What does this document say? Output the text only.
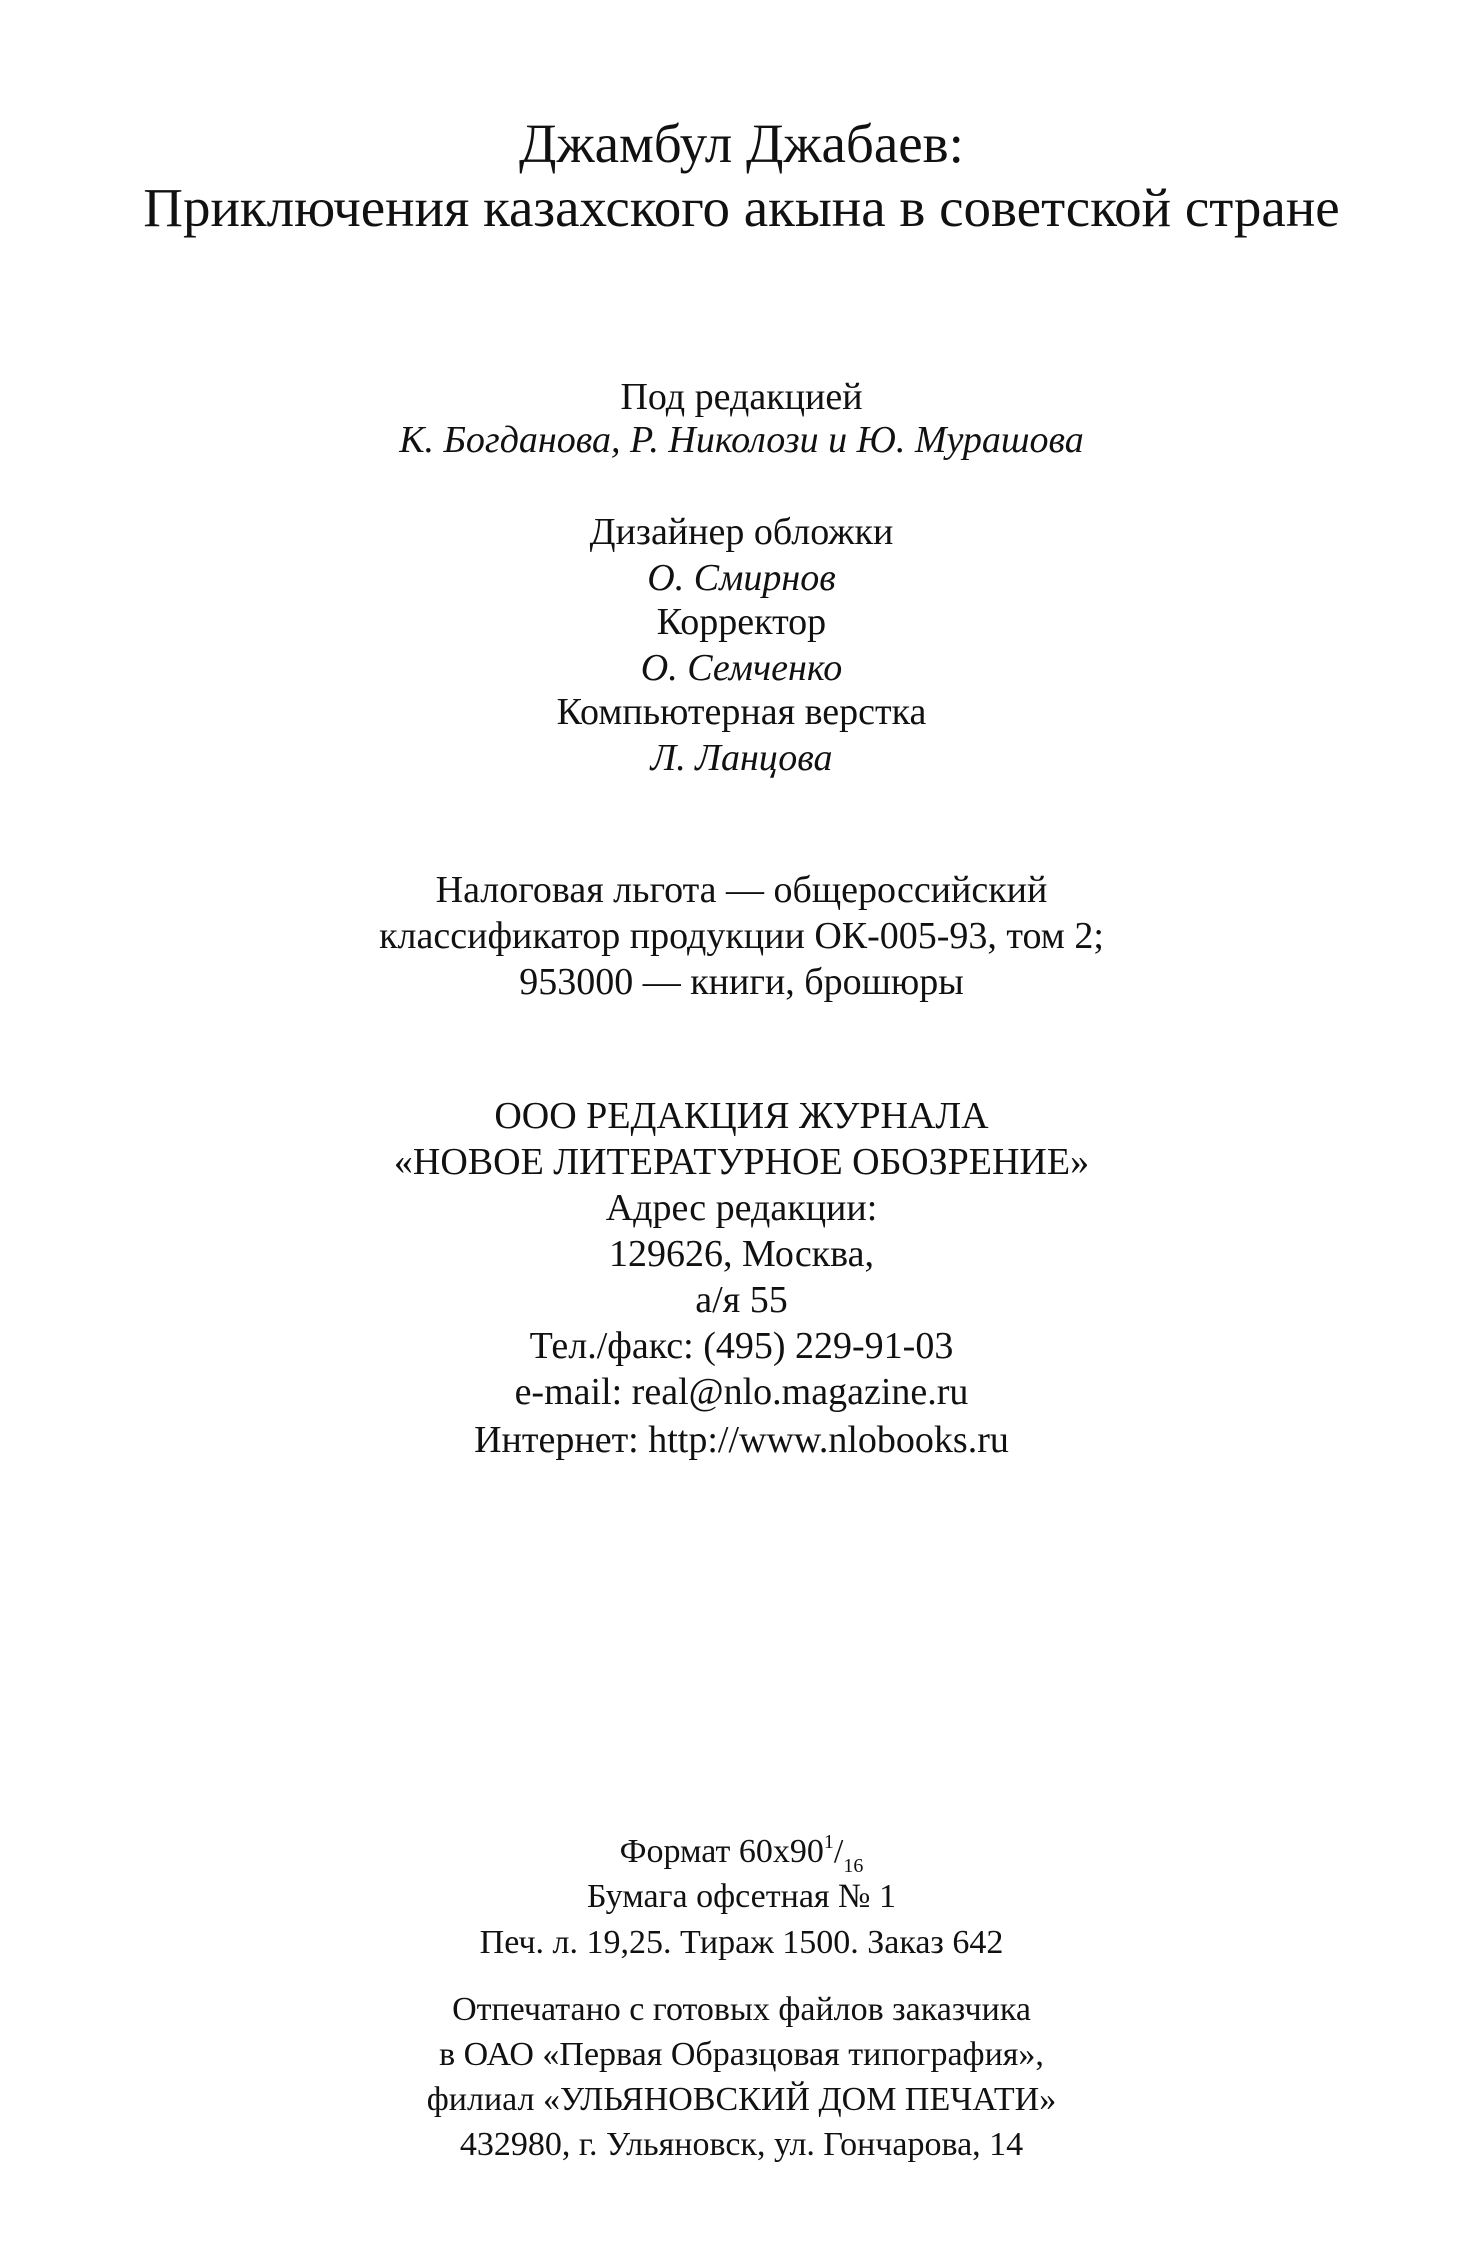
Джамбул Джабаев:
Приключения казахского акына в советской стране
Под редакцией
К. Богданова, Р. Николози и Ю. Мурашова
Дизайнер обложки
О. Смирнов
Корректор
О. Семченко
Компьютерная верстка
Л. Ланцова
Налоговая льгота — общероссийский
классификатор продукции ОК-005-93, том 2;
953000 — книги, брошюры
ООО РЕДАКЦИЯ ЖУРНАЛА
«НОВОЕ ЛИТЕРАТУРНОЕ ОБОЗРЕНИЕ»
Адрес редакции:
129626, Москва,
а/я 55
Тел./факс: (495) 229-91-03
e-mail: real@nlo.magazine.ru
Интернет: http://www.nlobooks.ru
Формат $60x90^1/_{16}$
Бумага офсетная № 1
Печ. л. 19,25. Тираж 1500. Заказ 642
Отпечатано с готовых файлов заказчика
в ОАО «Первая Образцовая типография»,
филиал «УЛЬЯНОВСКИЙ ДОМ ПЕЧАТИ»
432980, г. Ульяновск, ул. Гончарова, 14
